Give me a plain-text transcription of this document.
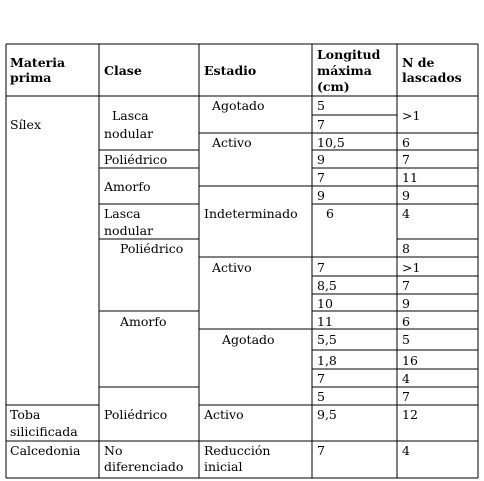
Materia
prima	Clase	Estadio
Longitud
máxima
(cm)
N de
lascados
Sílex
Toba
silicificada
Calcedonia
Lasca
nodular
Poliédrico
Amorfo
Lasca
nodular
Poliédrico
Amorfo
Poliédrico
No
diferenciado
Agotado
Activo
Indeterminado
Activo
Agotado
Activo
Reducción
inicial
5
7
10,5
9
7
9
6
7
8,5
10
11
5,5
1,8
7
5
9,5
7
>1
6
7
11
9
4
8
>1
7
9
6
5
16
4
7
12
4
